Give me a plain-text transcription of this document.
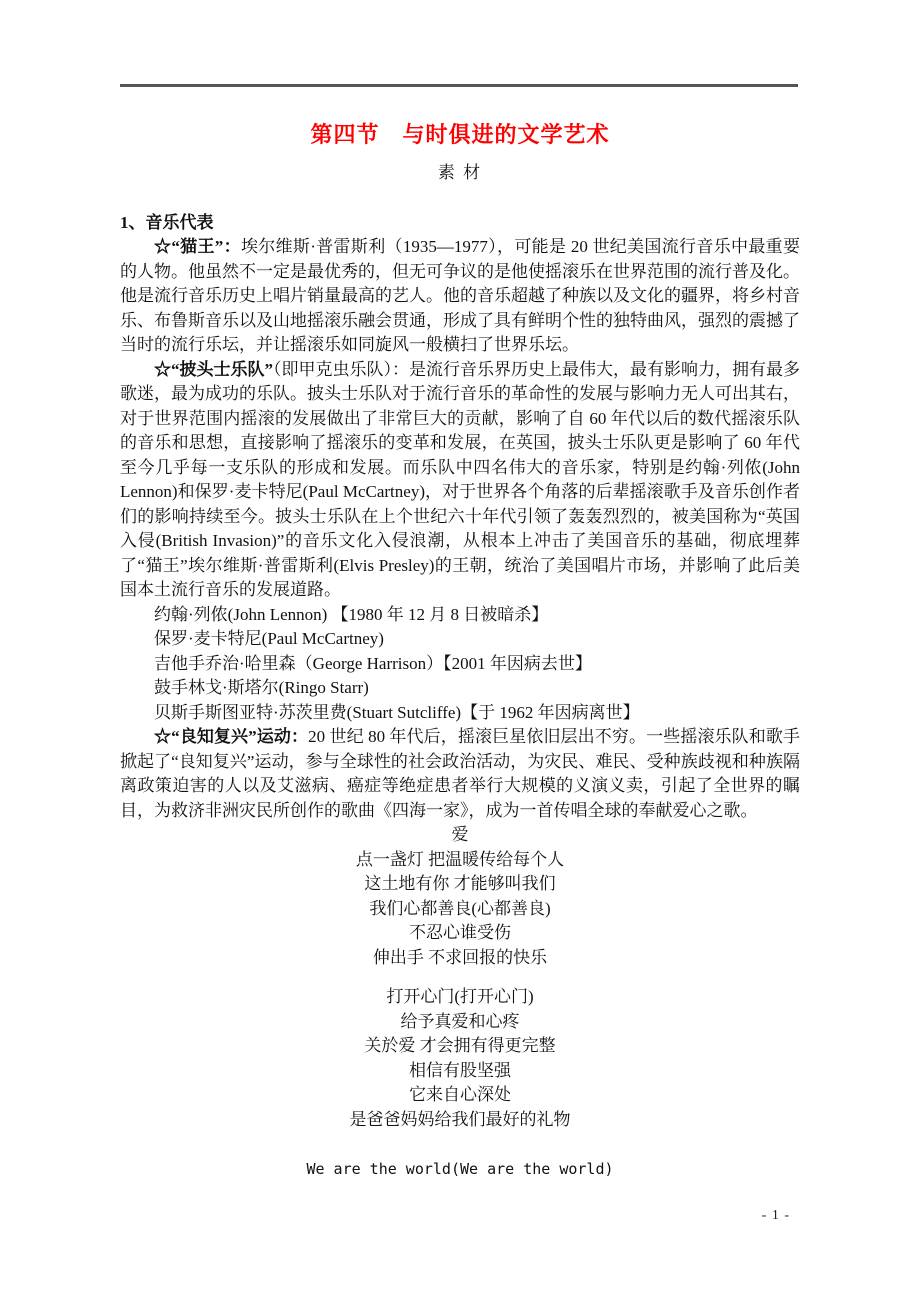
第四节　与时俱进的文学艺术
素 材
1、音乐代表

☆“猫王”：埃尔维斯·普雷斯利（1935—1977），可能是 20 世纪美国流行音乐中最重要的人物。他虽然不一定是最优秀的，但无可争议的是他使摇滚乐在世界范围的流行普及化。他是流行音乐历史上唱片销量最高的艺人。他的音乐超越了种族以及文化的疆界，将乡村音乐、布鲁斯音乐以及山地摇滚乐融会贯通，形成了具有鲜明个性的独特曲风，强烈的震撼了当时的流行乐坛，并让摇滚乐如同旋风一般横扫了世界乐坛。

☆“披头士乐队”（即甲克虫乐队）：是流行音乐界历史上最伟大，最有影响力，拥有最多歌迷，最为成功的乐队。披头士乐队对于流行音乐的革命性的发展与影响力无人可出其右，对于世界范围内摇滚的发展做出了非常巨大的贡献，影响了自 60 年代以后的数代摇滚乐队的音乐和思想，直接影响了摇滚乐的变革和发展，在英国，披头士乐队更是影响了 60 年代至今几乎每一支乐队的形成和发展。而乐队中四名伟大的音乐家，特别是约翰·列侬(John Lennon)和保罗·麦卡特尼(Paul McCartney)，对于世界各个角落的后辈摇滚歌手及音乐创作者们的影响持续至今。披头士乐队在上个世纪六十年代引领了轰轰烈烈的，被美国称为“英国入侵(British Invasion)”的音乐文化入侵浪潮，从根本上冲击了美国音乐的基础，彻底埋葬了“猫王”埃尔维斯·普雷斯利(Elvis Presley)的王朝，统治了美国唱片市场，并影响了此后美国本土流行音乐的发展道路。

约翰·列侬(John Lennon) 【1980 年 12 月 8 日被暗杀】
保罗·麦卡特尼(Paul McCartney)
吉他手乔治·哈里森（George Harrison）【2001 年因病去世】
鼓手林戈·斯塔尔(Ringo Starr)
贝斯手斯图亚特·苏茨里费(Stuart Sutcliffe)【于 1962 年因病离世】

☆“良知复兴”运动：20 世纪 80 年代后，摇滚巨星依旧层出不穷。一些摇滚乐队和歌手掀起了“良知复兴”运动，参与全球性的社会政治活动，为灾民、难民、受种族歧视和种族隔离政策迫害的人以及艾滋病、癌症等绝症患者举行大规模的义演义卖，引起了全世界的瞩目，为救济非洲灾民所创作的歌曲《四海一家》，成为一首传唱全球的奉献爱心之歌。

爱
点一盏灯 把温暖传给每个人
这土地有你 才能够叫我们
我们心都善良(心都善良)
不忍心谁受伤
伸出手 不求回报的快乐
打开心门(打开心门)
给予真爱和心疼
关於爱 才会拥有得更完整
相信有股坚强
它来自心深处
是爸爸妈妈给我们最好的礼物
We are the world(We are the world)
- 1 -
